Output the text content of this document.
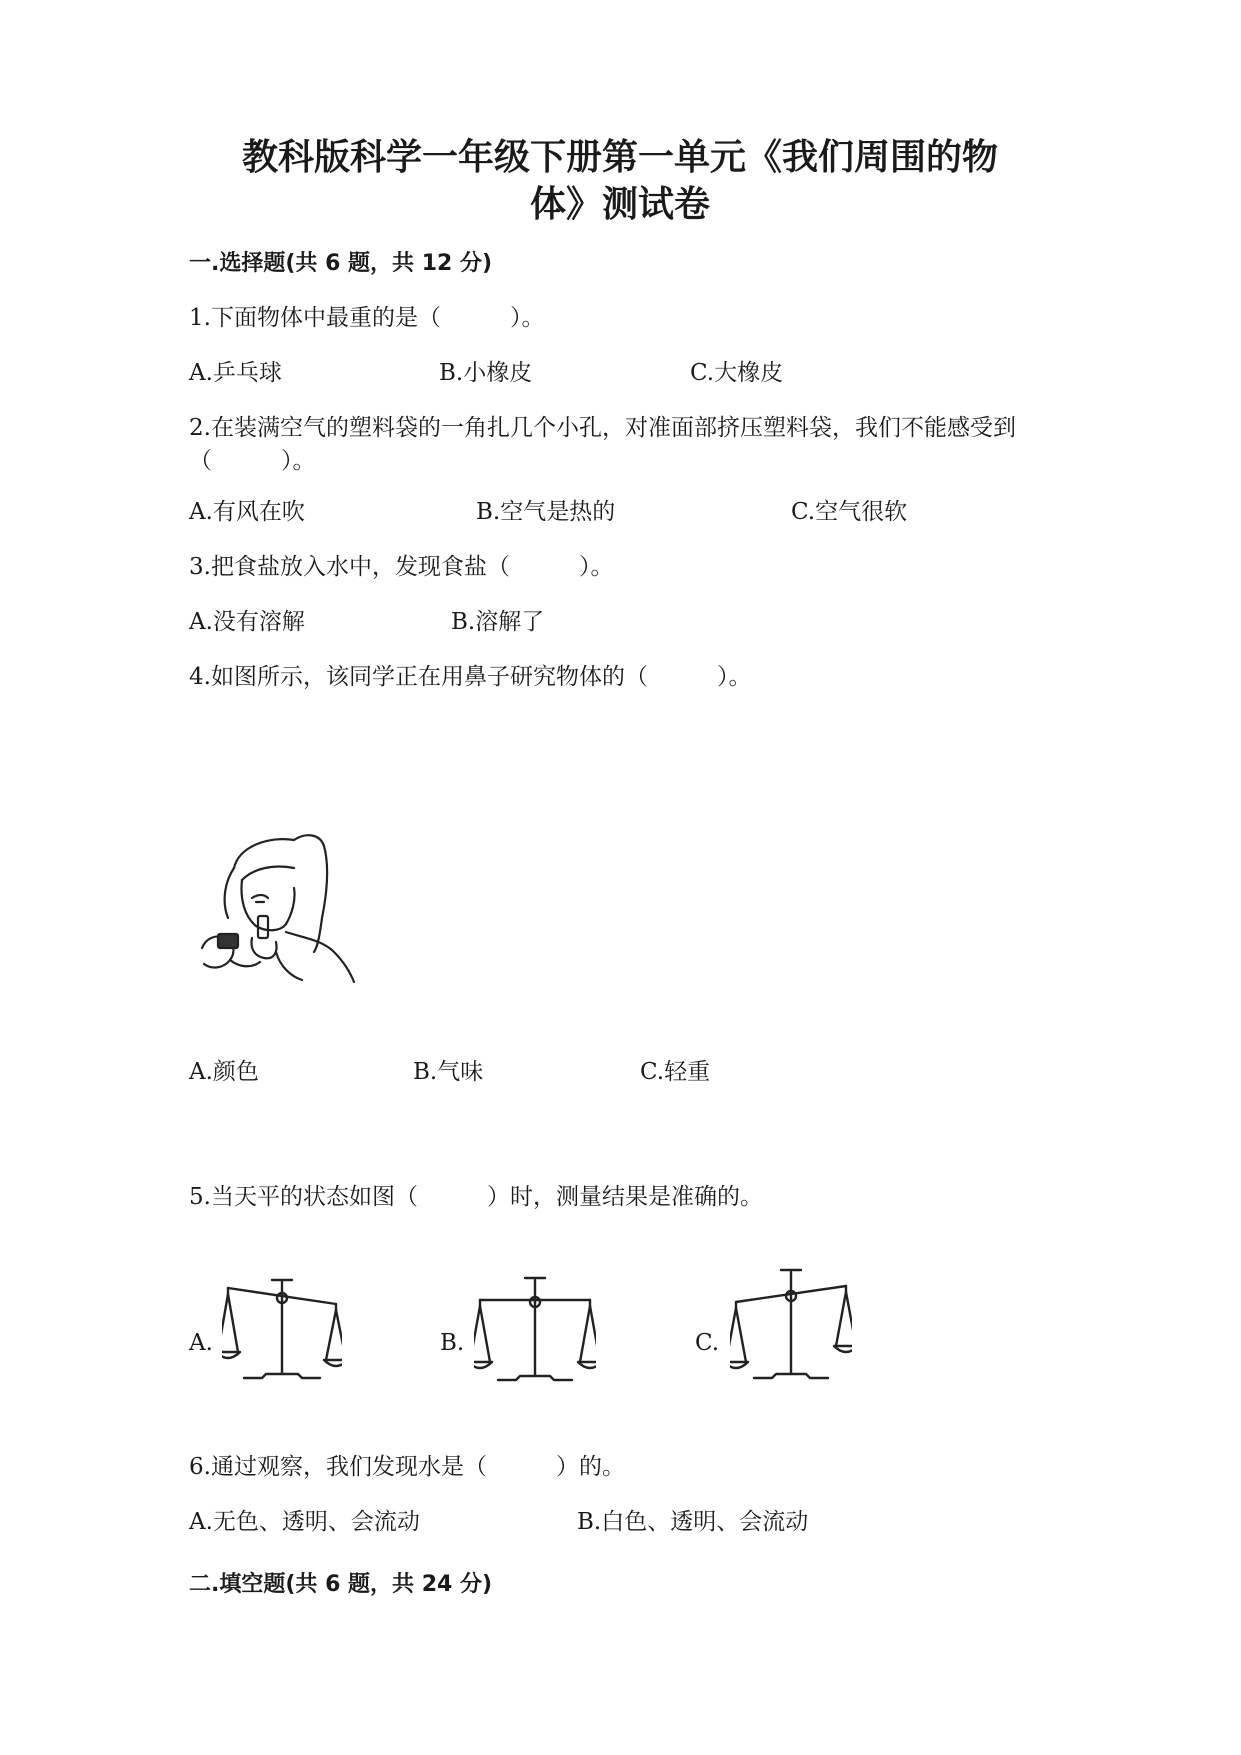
教科版科学一年级下册第一单元《我们周围的物
体》测试卷

一.选择题(共 6 题，共 12 分)

1.下面物体中最重的是（　　　）。

A.乒乓球	B.小橡皮	C.大橡皮

2.在装满空气的塑料袋的一角扎几个小孔，对准面部挤压塑料袋，我们不能感受到（　　　）。

A.有风在吹	B.空气是热的	C.空气很软

3.把食盐放入水中，发现食盐（　　　）。

A.没有溶解	B.溶解了

4.如图所示，该同学正在用鼻子研究物体的（　　　）。

A.颜色	B.气味	C.轻重

5.当天平的状态如图（　　　）时，测量结果是准确的。

A.	B.	C.

6.通过观察，我们发现水是（　　　）的。

A.无色、透明、会流动	B.白色、透明、会流动

二.填空题(共 6 题，共 24 分)
